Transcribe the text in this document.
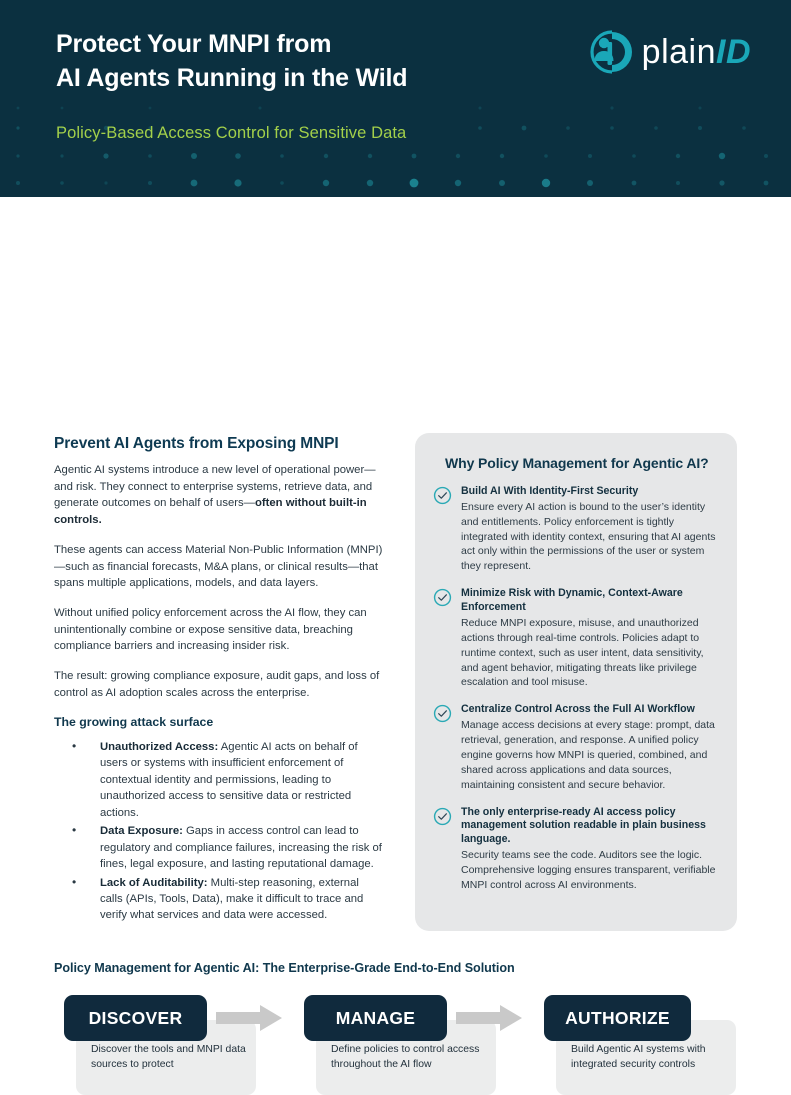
Protect Your MNPI from
AI Agents Running in the Wild
Policy-Based Access Control for Sensitive Data
plainID
Prevent AI Agents from Exposing MNPI

Agentic AI systems introduce a new level of operational power—and risk. They connect to enterprise systems, retrieve data, and generate outcomes on behalf of users—often without built-in controls.

These agents can access Material Non-Public Information (MNPI)—such as financial forecasts, M&A plans, or clinical results—that spans multiple applications, models, and data layers.

Without unified policy enforcement across the AI flow, they can unintentionally combine or expose sensitive data, breaching compliance barriers and increasing insider risk.

The result: growing compliance exposure, audit gaps, and loss of control as AI adoption scales across the enterprise.

The growing attack surface
• Unauthorized Access: Agentic AI acts on behalf of users or systems with insufficient enforcement of contextual identity and permissions, leading to unauthorized access to sensitive data or restricted actions.
• Data Exposure: Gaps in access control can lead to regulatory and compliance failures, increasing the risk of fines, legal exposure, and lasting reputational damage.
• Lack of Auditability: Multi-step reasoning, external calls (APIs, Tools, Data), make it difficult to trace and verify what services and data were accessed.
Why Policy Management for Agentic AI?
Build AI With Identity-First Security
Ensure every AI action is bound to the user’s identity and entitlements. Policy enforcement is tightly integrated with identity context, ensuring that AI agents act only within the permissions of the user or system they represent.
Minimize Risk with Dynamic, Context-Aware Enforcement
Reduce MNPI exposure, misuse, and unauthorized actions through real-time controls. Policies adapt to runtime context, such as user intent, data sensitivity, and agent behavior, mitigating threats like privilege escalation and tool misuse.
Centralize Control Across the Full AI Workflow
Manage access decisions at every stage: prompt, data retrieval, generation, and response. A unified policy engine governs how MNPI is queried, combined, and shared across applications and data sources, maintaining consistent and secure behavior.
The only enterprise-ready AI access policy management solution readable in plain business language.
Security teams see the code. Auditors see the logic. Comprehensive logging ensures transparent, verifiable MNPI control across AI environments.
Policy Management for Agentic AI: The Enterprise-Grade End-to-End Solution
DISCOVER
Discover the tools and MNPI data sources to protect
MANAGE
Define policies to control access throughout the AI flow
AUTHORIZE
Build Agentic AI systems with integrated security controls
